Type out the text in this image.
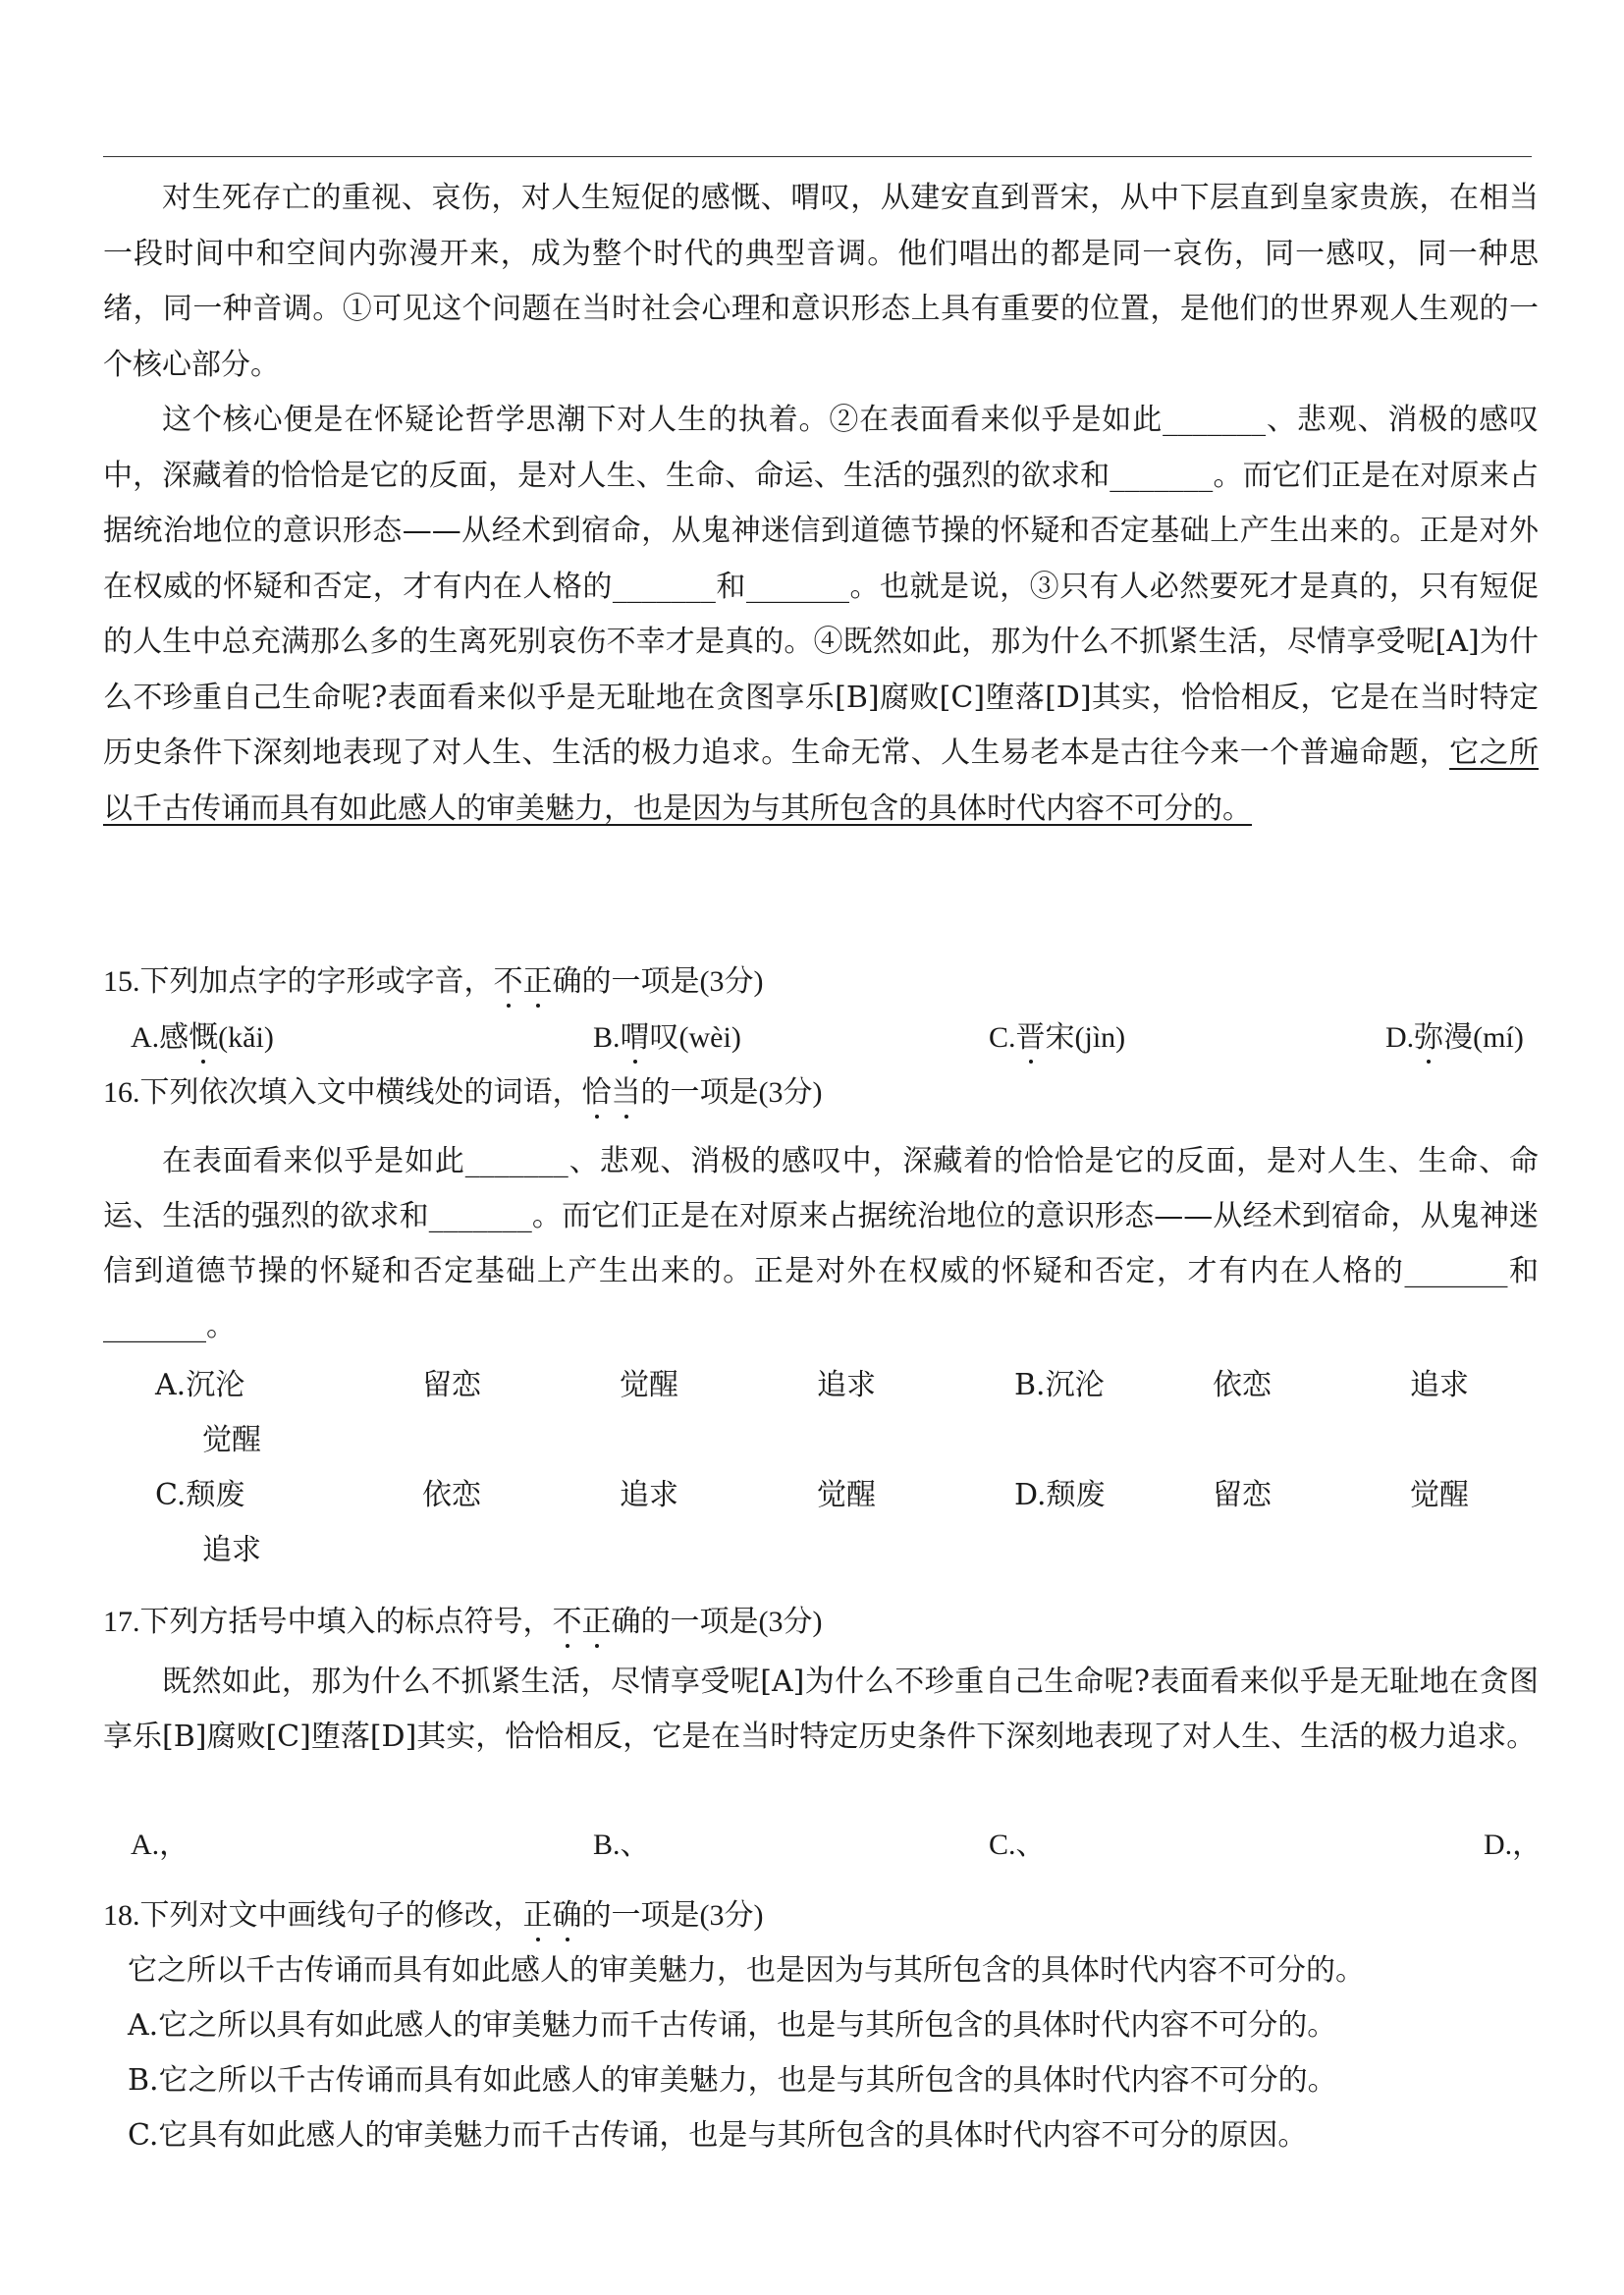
对生死存亡的重视、哀伤，对人生短促的感慨、喟叹，从建安直到晋宋，从中下层直到皇家贵族，在相当一段时间中和空间内弥漫开来，成为整个时代的典型音调。他们唱出的都是同一哀伤，同一感叹，同一种思绪，同一种音调。①可见这个问题在当时社会心理和意识形态上具有重要的位置，是他们的世界观人生观的一个核心部分。

这个核心便是在怀疑论哲学思潮下对人生的执着。②在表面看来似乎是如此_______、悲观、消极的感叹中，深藏着的恰恰是它的反面，是对人生、生命、命运、生活的强烈的欲求和_______。而它们正是在对原来占据统治地位的意识形态——从经术到宿命，从鬼神迷信到道德节操的怀疑和否定基础上产生出来的。正是对外在权威的怀疑和否定，才有内在人格的_______和_______。也就是说，③只有人必然要死才是真的，只有短促的人生中总充满那么多的生离死别哀伤不幸才是真的。④既然如此，那为什么不抓紧生活，尽情享受呢[A]为什么不珍重自己生命呢?表面看来似乎是无耻地在贪图享乐[B]腐败[C]堕落[D]其实，恰恰相反，它是在当时特定历史条件下深刻地表现了对人生、生活的极力追求。生命无常、人生易老本是古往今来一个普遍命题，它之所以千古传诵而具有如此感人的审美魅力，也是因为与其所包含的具体时代内容不可分的。

15.下列加点字的字形或字音，不正确的一项是(3分)
A.感慨(kǎi)	B.喟叹(wèi)	C.晋宋(jìn)	D.弥漫(mí)
16.下列依次填入文中横线处的词语，恰当的一项是(3分)

在表面看来似乎是如此_______、悲观、消极的感叹中，深藏着的恰恰是它的反面，是对人生、生命、命运、生活的强烈的欲求和_______。而它们正是在对原来占据统治地位的意识形态——从经术到宿命，从鬼神迷信到道德节操的怀疑和否定基础上产生出来的。正是对外在权威的怀疑和否定，才有内在人格的_______和_______。

A.沉沦	留恋	觉醒	追求	B.沉沦	依恋	追求
觉醒
C.颓废	依恋	追求	觉醒	D.颓废	留恋	觉醒
追求
17.下列方括号中填入的标点符号，不正确的一项是(3分)

既然如此，那为什么不抓紧生活，尽情享受呢[A]为什么不珍重自己生命呢?表面看来似乎是无耻地在贪图享乐[B]腐败[C]堕落[D]其实，恰恰相反，它是在当时特定历史条件下深刻地表现了对人生、生活的极力追求。

A.，	B.、	C.、	D.，
18.下列对文中画线句子的修改，正确的一项是(3分)
它之所以千古传诵而具有如此感人的审美魅力，也是因为与其所包含的具体时代内容不可分的。
A.它之所以具有如此感人的审美魅力而千古传诵，也是与其所包含的具体时代内容不可分的。
B.它之所以千古传诵而具有如此感人的审美魅力，也是与其所包含的具体时代内容不可分的。
C.它具有如此感人的审美魅力而千古传诵，也是与其所包含的具体时代内容不可分的原因。
